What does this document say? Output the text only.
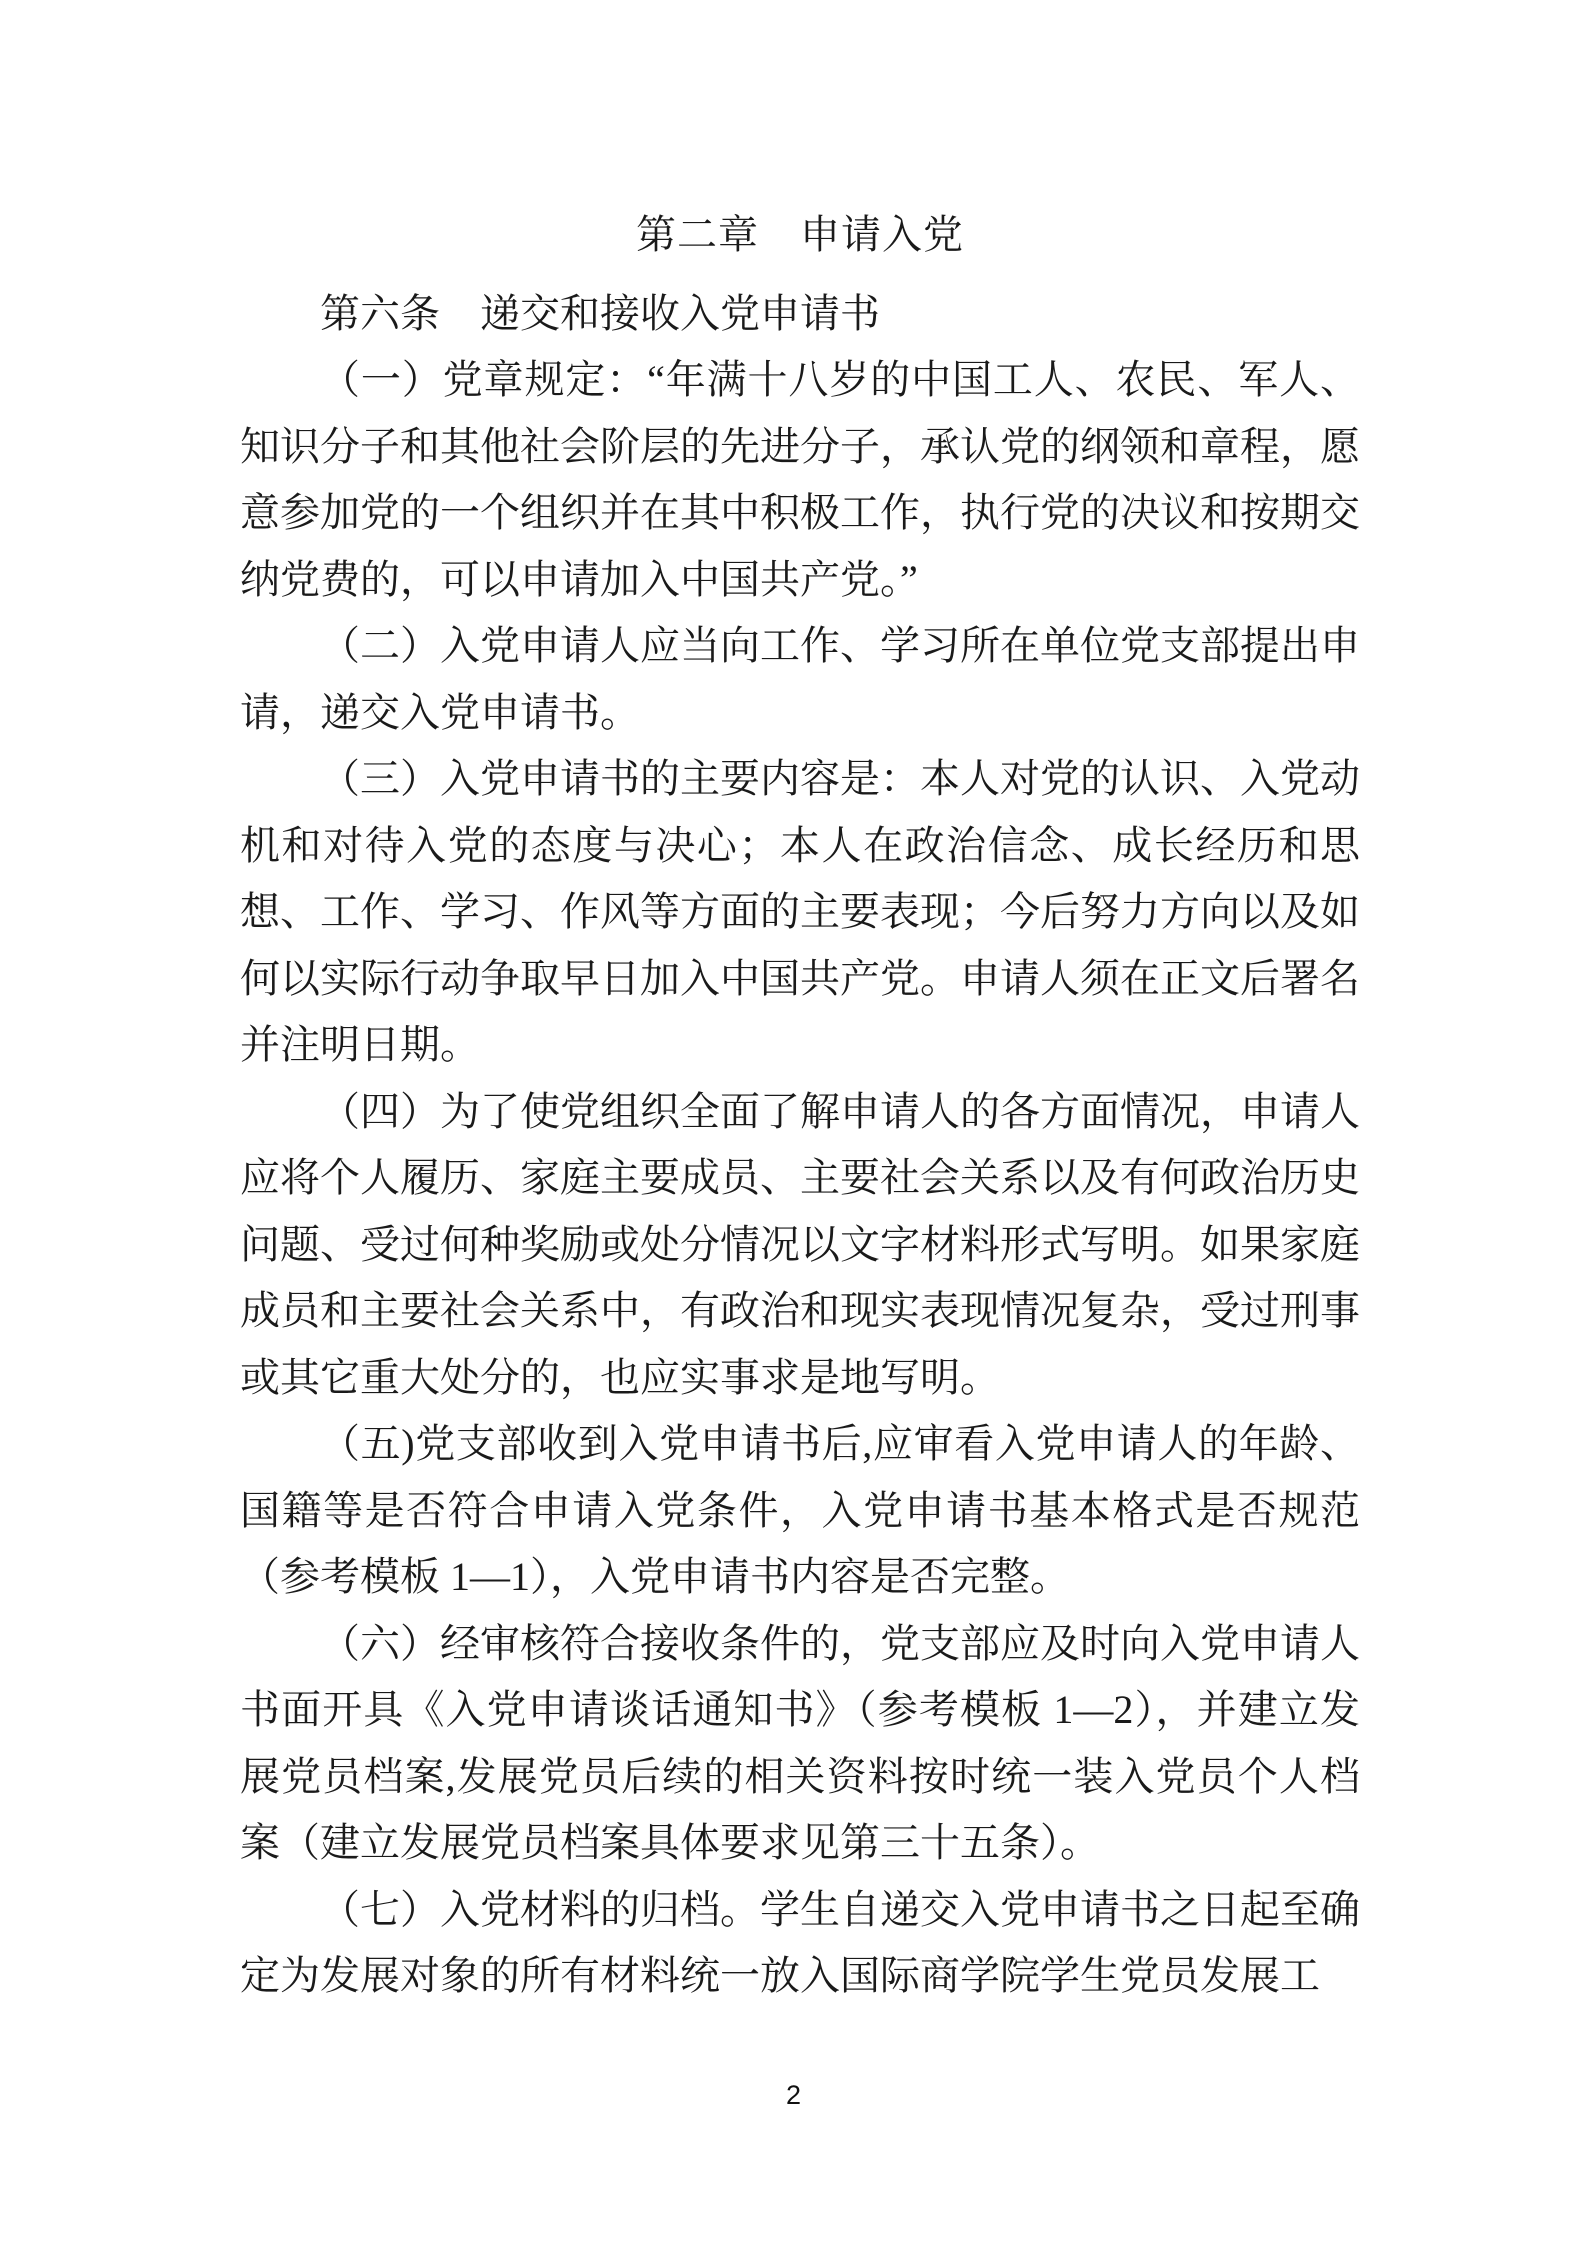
第二章　申请入党

第六条　递交和接收入党申请书

（一）党章规定：“年满十八岁的中国工人、农民、军人、知识分子和其他社会阶层的先进分子，承认党的纲领和章程，愿意参加党的一个组织并在其中积极工作，执行党的决议和按期交纳党费的，可以申请加入中国共产党。”

（二）入党申请人应当向工作、学习所在单位党支部提出申请，递交入党申请书。

（三）入党申请书的主要内容是：本人对党的认识、入党动机和对待入党的态度与决心；本人在政治信念、成长经历和思想、工作、学习、作风等方面的主要表现；今后努力方向以及如何以实际行动争取早日加入中国共产党。申请人须在正文后署名并注明日期。

（四）为了使党组织全面了解申请人的各方面情况，申请人应将个人履历、家庭主要成员、主要社会关系以及有何政治历史问题、受过何种奖励或处分情况以文字材料形式写明。如果家庭成员和主要社会关系中，有政治和现实表现情况复杂，受过刑事或其它重大处分的，也应实事求是地写明。

（五)党支部收到入党申请书后,应审看入党申请人的年龄、国籍等是否符合申请入党条件，入党申请书基本格式是否规范（参考模板 1—1），入党申请书内容是否完整。

（六）经审核符合接收条件的，党支部应及时向入党申请人书面开具《入党申请谈话通知书》（参考模板 1—2），并建立发展党员档案,发展党员后续的相关资料按时统一装入党员个人档案（建立发展党员档案具体要求见第三十五条）。

（七）入党材料的归档。学生自递交入党申请书之日起至确定为发展对象的所有材料统一放入国际商学院学生党员发展工

2
